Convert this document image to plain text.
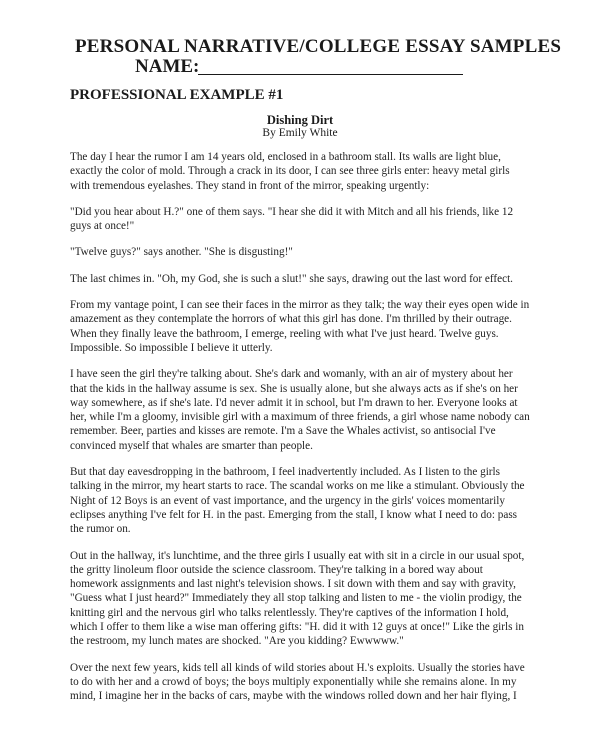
PERSONAL NARRATIVE/COLLEGE ESSAY SAMPLES
NAME:
PROFESSIONAL EXAMPLE #1
Dishing Dirt
By Emily White

The day I hear the rumor I am 14 years old, enclosed in a bathroom stall. Its walls are light blue, exactly the color of mold. Through a crack in its door, I can see three girls enter: heavy metal girls with tremendous eyelashes. They stand in front of the mirror, speaking urgently:

"Did you hear about H.?" one of them says. "I hear she did it with Mitch and all his friends, like 12 guys at once!"

"Twelve guys?" says another. "She is disgusting!"

The last chimes in. "Oh, my God, she is such a slut!" she says, drawing out the last word for effect.

From my vantage point, I can see their faces in the mirror as they talk; the way their eyes open wide in amazement as they contemplate the horrors of what this girl has done. I'm thrilled by their outrage. When they finally leave the bathroom, I emerge, reeling with what I've just heard. Twelve guys. Impossible. So impossible I believe it utterly.

I have seen the girl they're talking about. She's dark and womanly, with an air of mystery about her that the kids in the hallway assume is sex. She is usually alone, but she always acts as if she's on her way somewhere, as if she's late. I'd never admit it in school, but I'm drawn to her. Everyone looks at her, while I'm a gloomy, invisible girl with a maximum of three friends, a girl whose name nobody can remember. Beer, parties and kisses are remote. I'm a Save the Whales activist, so antisocial I've convinced myself that whales are smarter than people.

But that day eavesdropping in the bathroom, I feel inadvertently included. As I listen to the girls talking in the mirror, my heart starts to race. The scandal works on me like a stimulant. Obviously the Night of 12 Boys is an event of vast importance, and the urgency in the girls' voices momentarily eclipses anything I've felt for H. in the past. Emerging from the stall, I know what I need to do: pass the rumor on.

Out in the hallway, it's lunchtime, and the three girls I usually eat with sit in a circle in our usual spot, the gritty linoleum floor outside the science classroom. They're talking in a bored way about homework assignments and last night's television shows. I sit down with them and say with gravity, "Guess what I just heard?" Immediately they all stop talking and listen to me - the violin prodigy, the knitting girl and the nervous girl who talks relentlessly. They're captives of the information I hold, which I offer to them like a wise man offering gifts: "H. did it with 12 guys at once!" Like the girls in the restroom, my lunch mates are shocked. "Are you kidding? Ewwwww."

Over the next few years, kids tell all kinds of wild stories about H.'s exploits. Usually the stories have to do with her and a crowd of boys; the boys multiply exponentially while she remains alone. In my mind, I imagine her in the backs of cars, maybe with the windows rolled down and her hair flying, I
